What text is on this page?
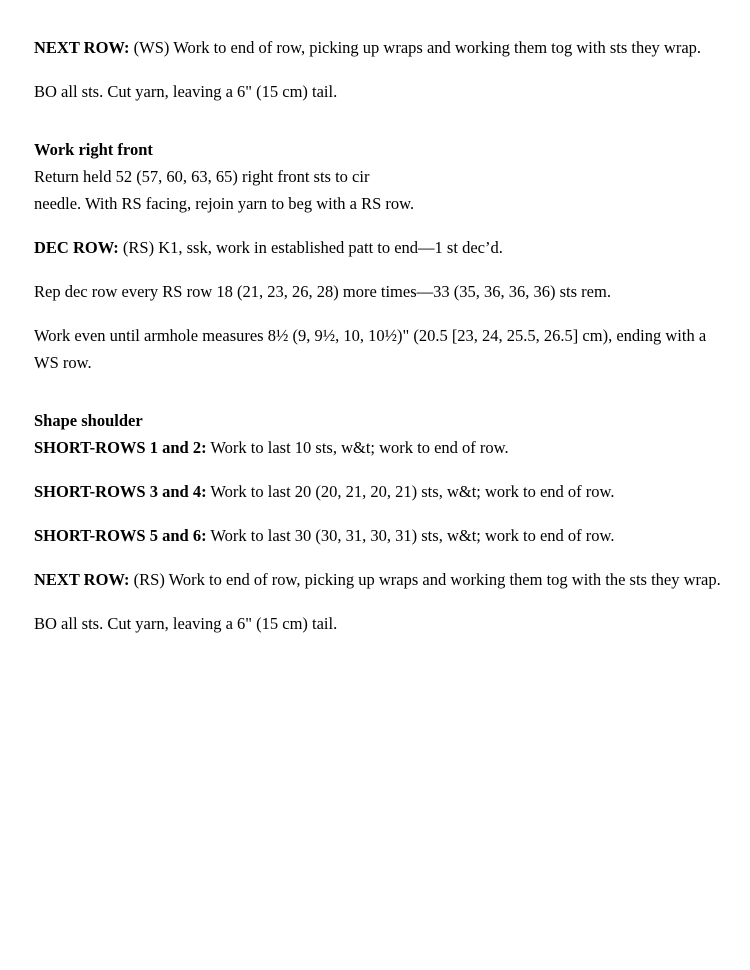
NEXT ROW: (WS) Work to end of row, picking up wraps and working them tog with sts they wrap.

BO all sts. Cut yarn, leaving a 6" (15 cm) tail.

Work right front

Return held 52 (57, 60, 63, 65) right front sts to cir
needle. With RS facing, rejoin yarn to beg with a RS row.

DEC ROW: (RS) K1, ssk, work in established patt to end—1 st dec’d.

Rep dec row every RS row 18 (21, 23, 26, 28) more times—33 (35, 36, 36, 36) sts rem.

Work even until armhole measures 8½ (9, 9½, 10, 10½)" (20.5 [23, 24, 25.5, 26.5] cm), ending with a WS row.

Shape shoulder

SHORT-ROWS 1 and 2: Work to last 10 sts, w&t; work to end of row.

SHORT-ROWS 3 and 4: Work to last 20 (20, 21, 20, 21) sts, w&t; work to end of row.

SHORT-ROWS 5 and 6: Work to last 30 (30, 31, 30, 31) sts, w&t; work to end of row.

NEXT ROW: (RS) Work to end of row, picking up wraps and working them tog with the sts they wrap.

BO all sts. Cut yarn, leaving a 6" (15 cm) tail.
